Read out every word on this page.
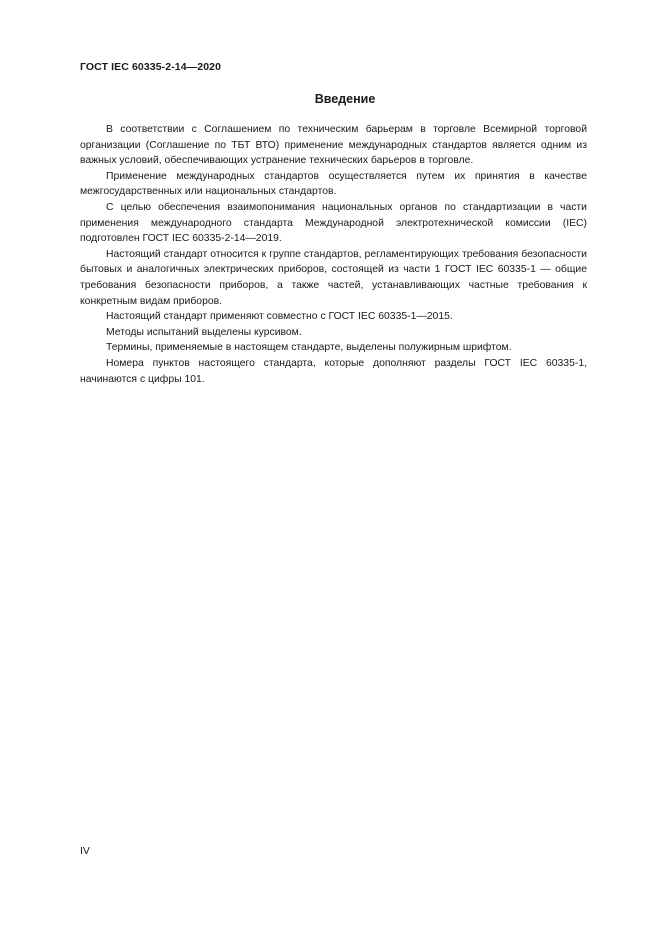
ГОСТ IEC 60335-2-14—2020
Введение

В соответствии с Соглашением по техническим барьерам в торговле Всемирной торговой организации (Соглашение по ТБТ ВТО) применение международных стандартов является одним из важных условий, обеспечивающих устранение технических барьеров в торговле.

Применение международных стандартов осуществляется путем их принятия в качестве межгосударственных или национальных стандартов.

С целью обеспечения взаимопонимания национальных органов по стандартизации в части применения международного стандарта Международной электротехнической комиссии (IEC) подготовлен ГОСТ IEC 60335-2-14—2019.

Настоящий стандарт относится к группе стандартов, регламентирующих требования безопасности бытовых и аналогичных электрических приборов, состоящей из части 1 ГОСТ IEC 60335-1 — общие требования безопасности приборов, а также частей, устанавливающих частные требования к конкретным видам приборов.

Настоящий стандарт применяют совместно с ГОСТ IEC 60335-1—2015.

Методы испытаний выделены курсивом.

Термины, применяемые в настоящем стандарте, выделены полужирным шрифтом.

Номера пунктов настоящего стандарта, которые дополняют разделы ГОСТ IEC 60335-1, начинаются с цифры 101.

IV
